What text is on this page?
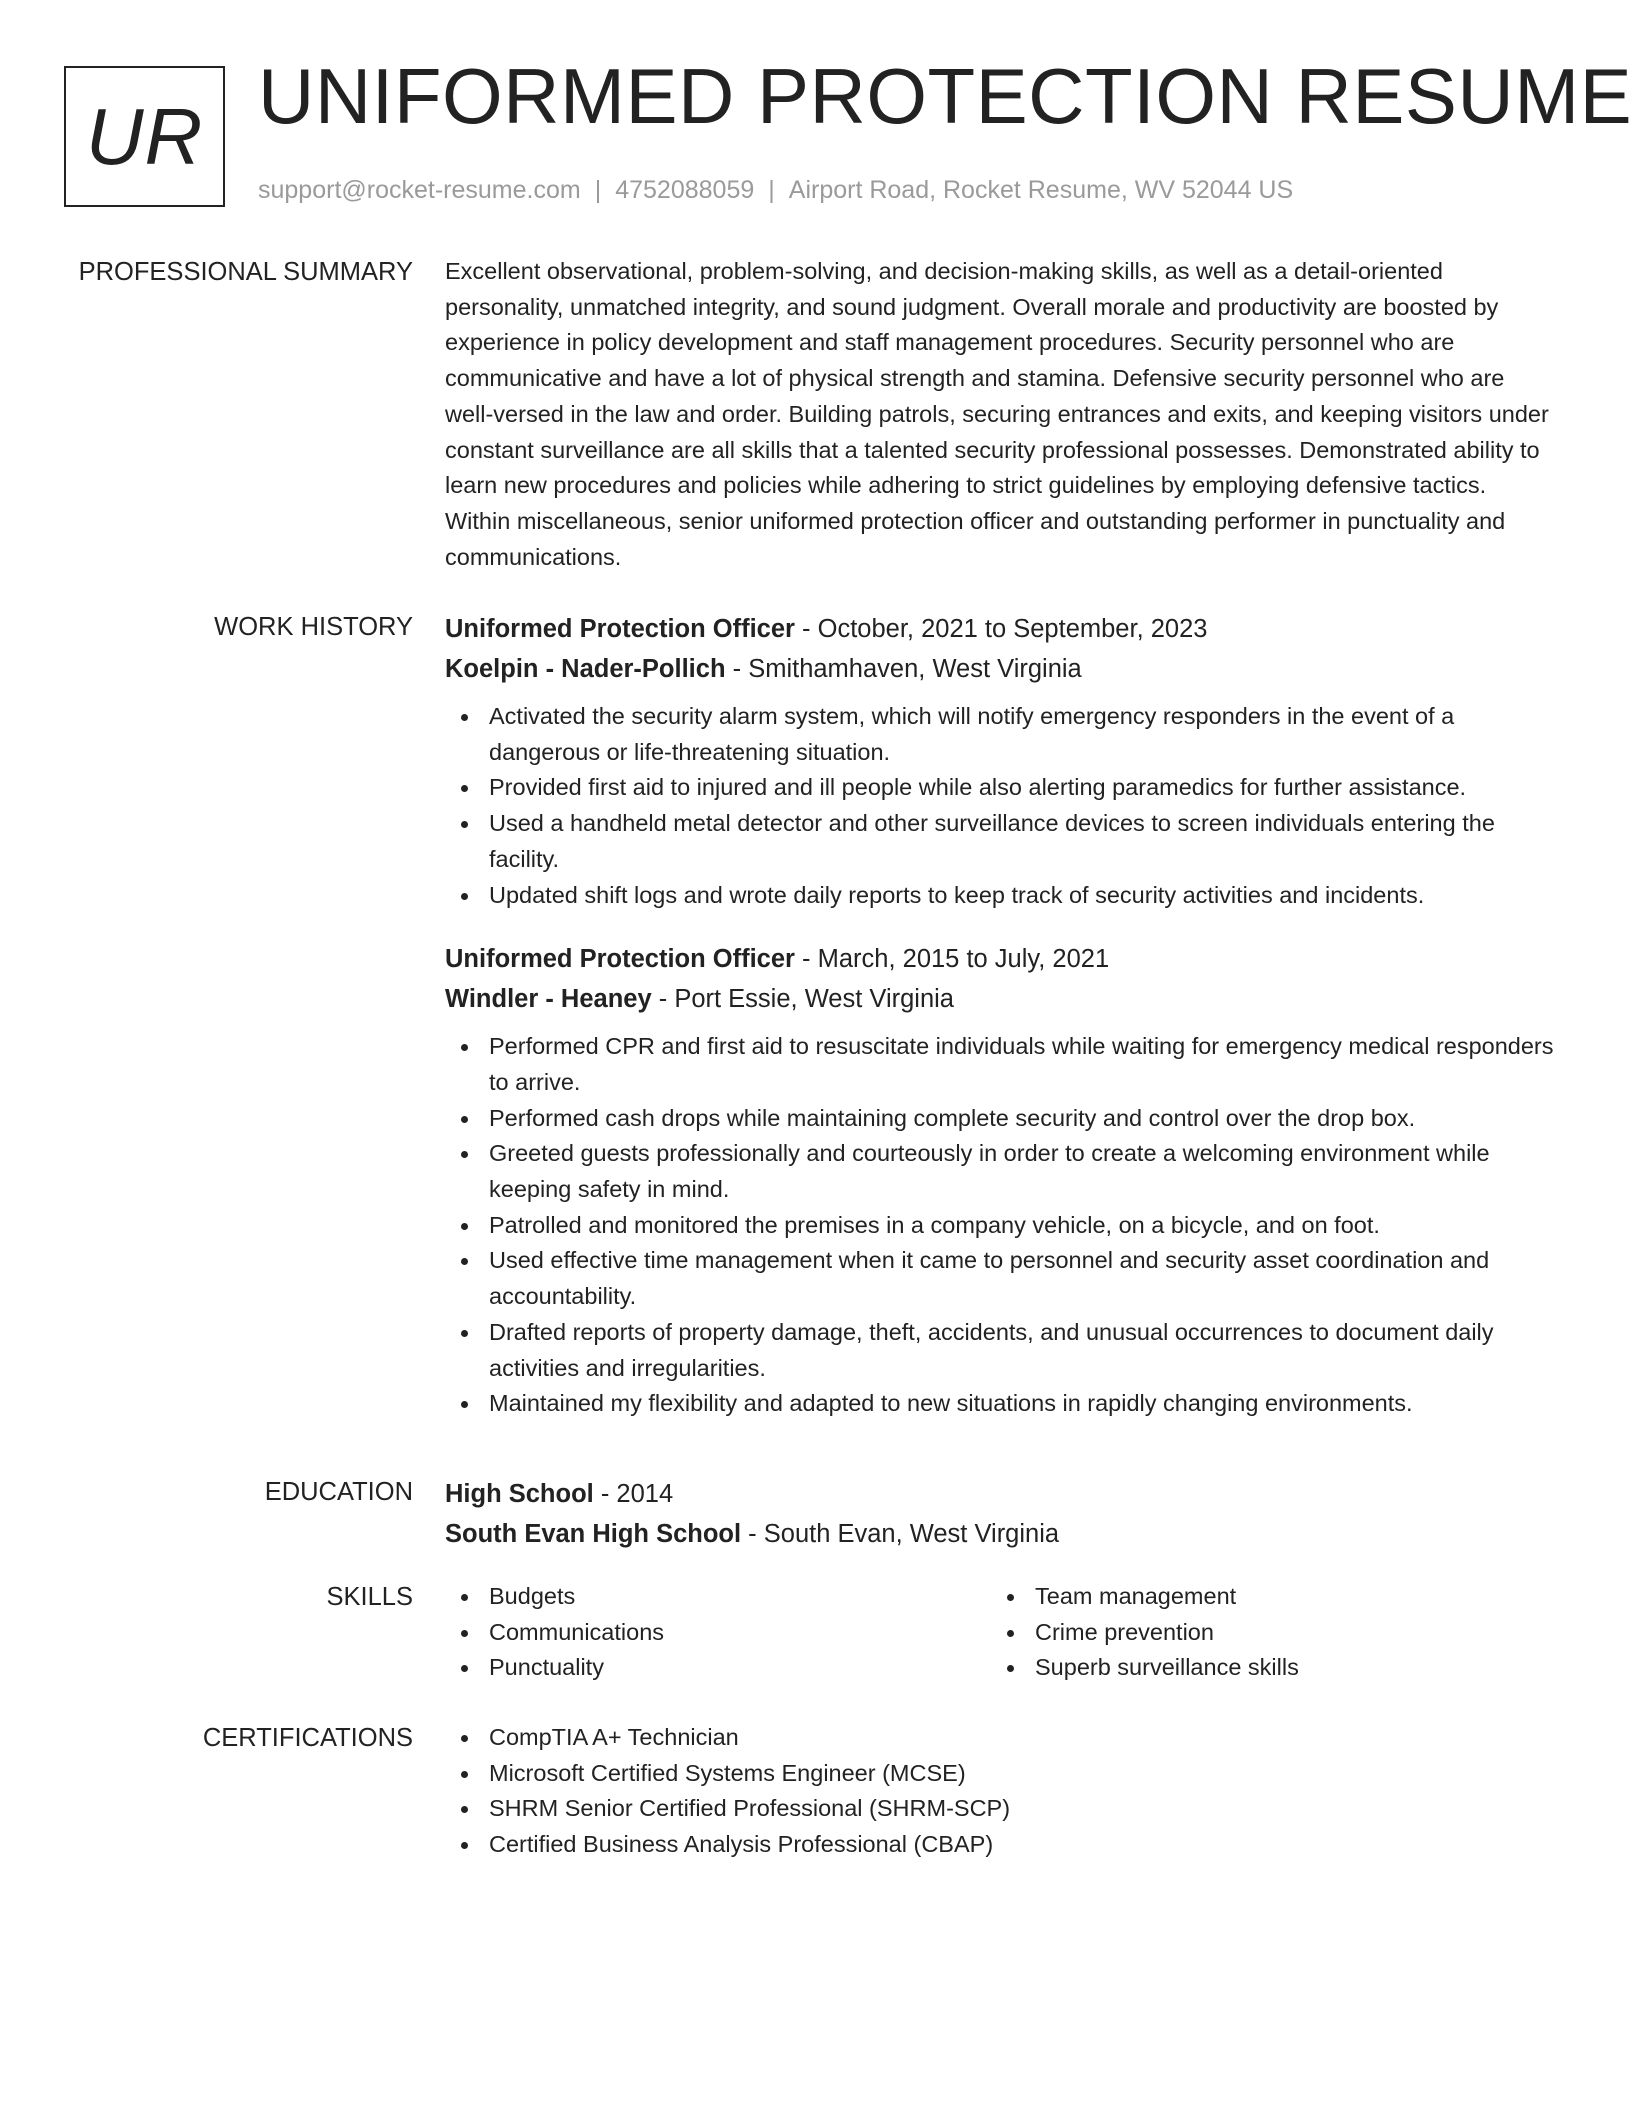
UR UNIFORMED PROTECTION RESUME
support@rocket-resume.com | 4752088059 | Airport Road, Rocket Resume, WV 52044 US
PROFESSIONAL SUMMARY Excellent observational, problem-solving, and decision-making skills, as well as a detail-oriented personality, unmatched integrity, and sound judgment. Overall morale and productivity are boosted by experience in policy development and staff management procedures. Security personnel who are communicative and have a lot of physical strength and stamina. Defensive security personnel who are well-versed in the law and order. Building patrols, securing entrances and exits, and keeping visitors under constant surveillance are all skills that a talented security professional possesses. Demonstrated ability to learn new procedures and policies while adhering to strict guidelines by employing defensive tactics. Within miscellaneous, senior uniformed protection officer and outstanding performer in punctuality and communications.

WORK HISTORY Uniformed Protection Officer - October, 2021 to September, 2023
Koelpin - Nader-Pollich - Smithamhaven, West Virginia
Activated the security alarm system, which will notify emergency responders in the event of a dangerous or life-threatening situation.
Provided first aid to injured and ill people while also alerting paramedics for further assistance.
Used a handheld metal detector and other surveillance devices to screen individuals entering the facility.
Updated shift logs and wrote daily reports to keep track of security activities and incidents.
Uniformed Protection Officer - March, 2015 to July, 2021
Windler - Heaney - Port Essie, West Virginia
Performed CPR and first aid to resuscitate individuals while waiting for emergency medical responders to arrive.
Performed cash drops while maintaining complete security and control over the drop box.
Greeted guests professionally and courteously in order to create a welcoming environment while keeping safety in mind.
Patrolled and monitored the premises in a company vehicle, on a bicycle, and on foot.
Used effective time management when it came to personnel and security asset coordination and accountability.
Drafted reports of property damage, theft, accidents, and unusual occurrences to document daily activities and irregularities.
Maintained my flexibility and adapted to new situations in rapidly changing environments.
EDUCATION High School - 2014
South Evan High School - South Evan, West Virginia
SKILLS	Budgets
Communications
Punctuality
Team management
Crime prevention
Superb surveillance skills
CERTIFICATIONS	CompTIA A+ Technician
Microsoft Certified Systems Engineer (MCSE)
SHRM Senior Certified Professional (SHRM-SCP)
Certified Business Analysis Professional (CBAP)
